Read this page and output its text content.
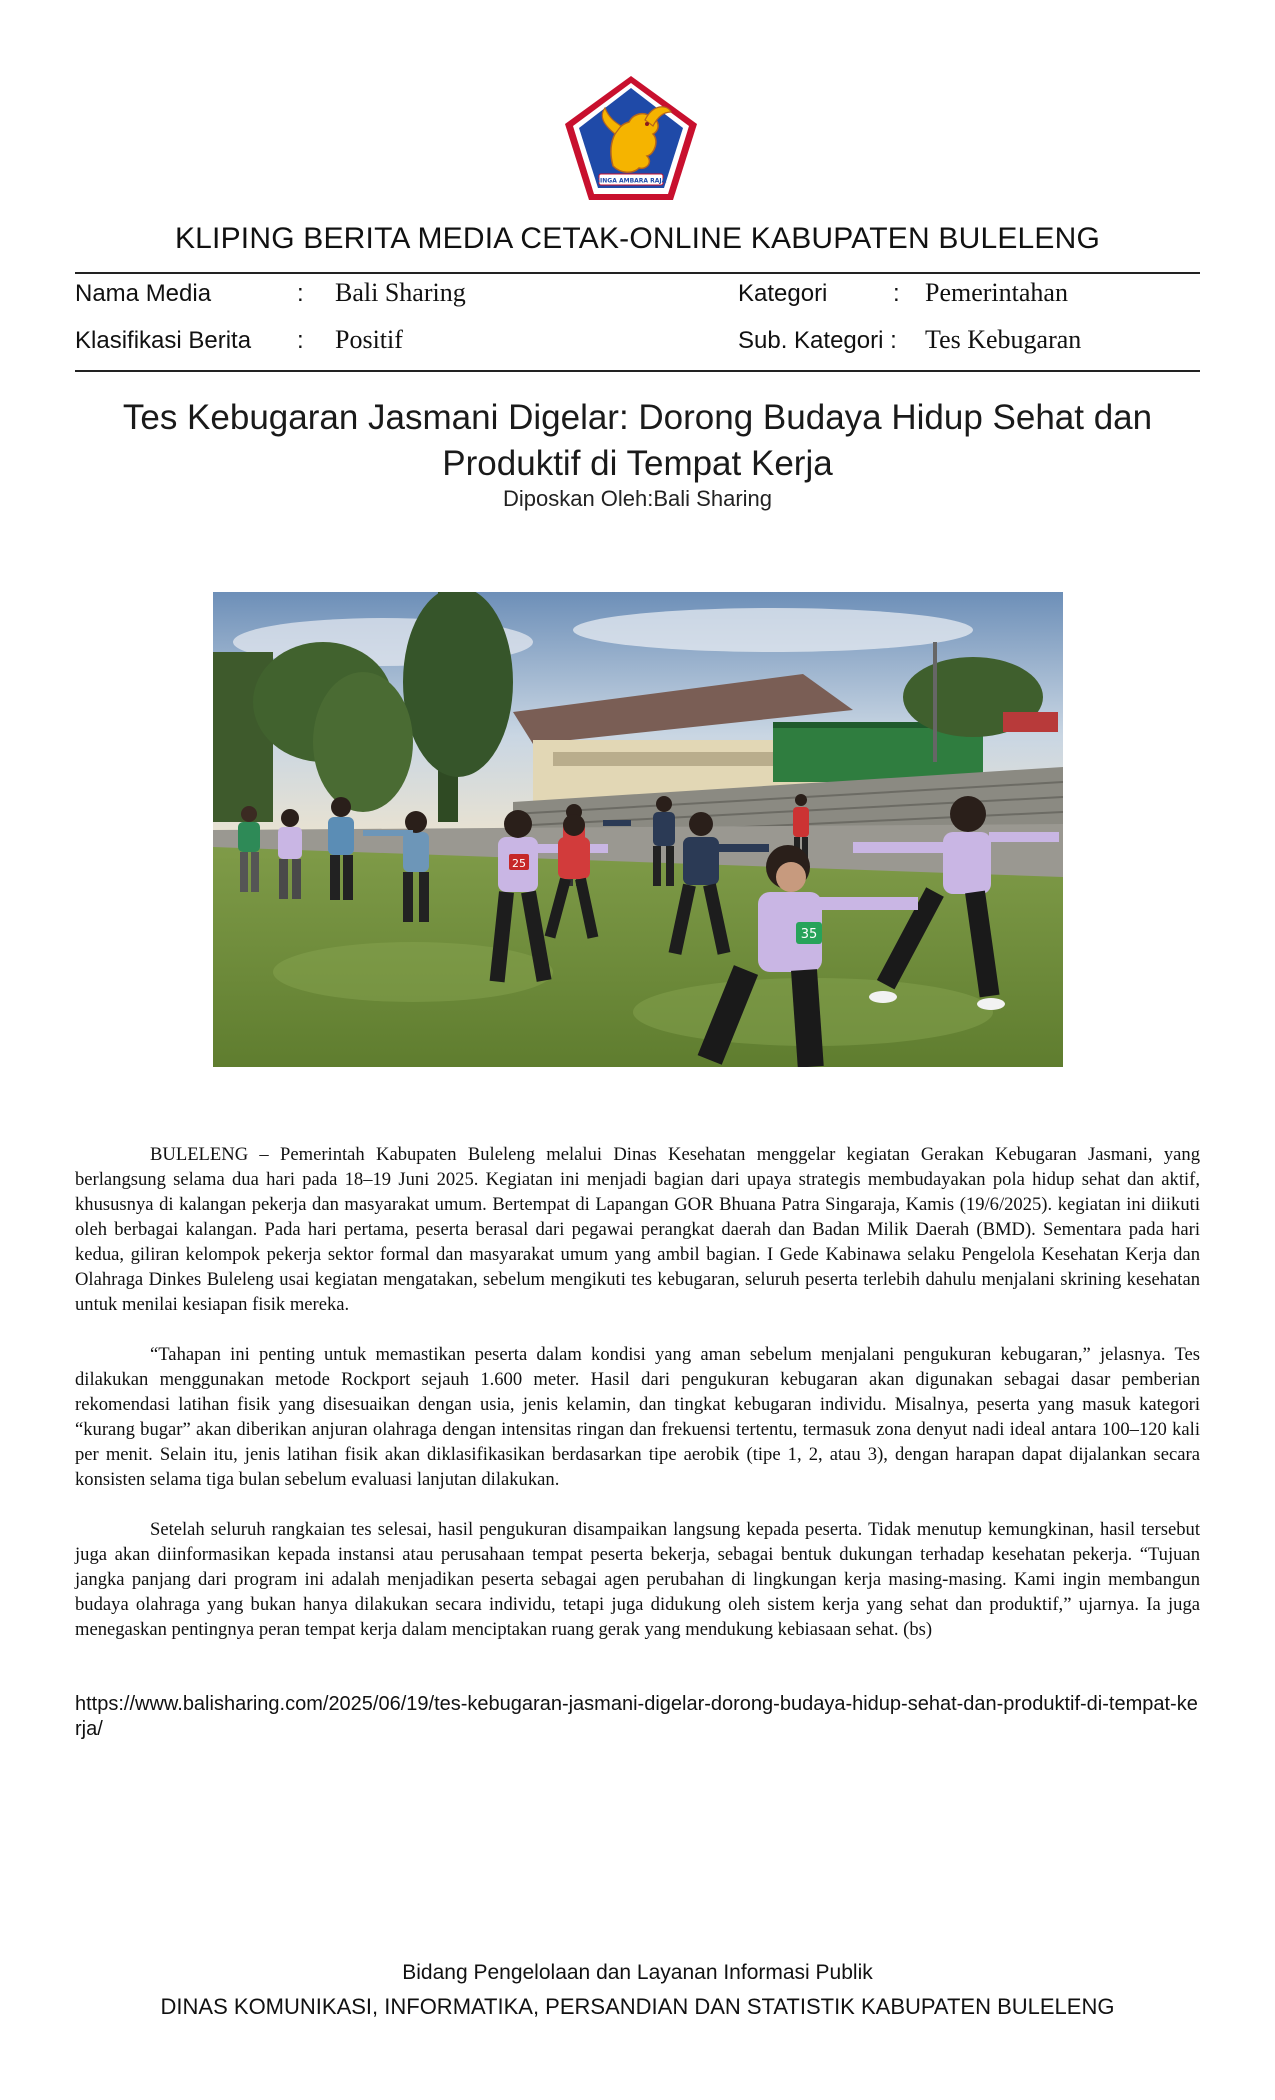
SINGA AMBARA RAJA
KLIPING BERITA MEDIA CETAK-ONLINE KABUPATEN BULELENG
Nama Media	: Bali Sharing	Kategori	: Pemerintahan
Klasifikasi Berita : Positif	Sub. Kategori : Tes Kebugaran
Tes Kebugaran Jasmani Digelar: Dorong Budaya Hidup Sehat dan
Produktif di Tempat Kerja
Diposkan Oleh:Bali Sharing
25
35

BULELENG – Pemerintah Kabupaten Buleleng melalui Dinas Kesehatan menggelar kegiatan Gerakan Kebugaran Jasmani, yang berlangsung selama dua hari pada 18–19 Juni 2025. Kegiatan ini menjadi bagian dari upaya strategis membudayakan pola hidup sehat dan aktif, khususnya di kalangan pekerja dan masyarakat umum. Bertempat di Lapangan GOR Bhuana Patra Singaraja, Kamis (19/6/2025). kegiatan ini diikuti oleh berbagai kalangan. Pada hari pertama, peserta berasal dari pegawai perangkat daerah dan Badan Milik Daerah (BMD). Sementara pada hari kedua, giliran kelompok pekerja sektor formal dan masyarakat umum yang ambil bagian. I Gede Kabinawa selaku Pengelola Kesehatan Kerja dan Olahraga Dinkes Buleleng usai kegiatan mengatakan, sebelum mengikuti tes kebugaran, seluruh peserta terlebih dahulu menjalani skrining kesehatan untuk menilai kesiapan fisik mereka.

“Tahapan ini penting untuk memastikan peserta dalam kondisi yang aman sebelum menjalani pengukuran kebugaran,” jelasnya. Tes dilakukan menggunakan metode Rockport sejauh 1.600 meter. Hasil dari pengukuran kebugaran akan digunakan sebagai dasar pemberian rekomendasi latihan fisik yang disesuaikan dengan usia, jenis kelamin, dan tingkat kebugaran individu. Misalnya, peserta yang masuk kategori “kurang bugar” akan diberikan anjuran olahraga dengan intensitas ringan dan frekuensi tertentu, termasuk zona denyut nadi ideal antara 100–120 kali per menit. Selain itu, jenis latihan fisik akan diklasifikasikan berdasarkan tipe aerobik (tipe 1, 2, atau 3), dengan harapan dapat dijalankan secara konsisten selama tiga bulan sebelum evaluasi lanjutan dilakukan.

Setelah seluruh rangkaian tes selesai, hasil pengukuran disampaikan langsung kepada peserta. Tidak menutup kemungkinan, hasil tersebut juga akan diinformasikan kepada instansi atau perusahaan tempat peserta bekerja, sebagai bentuk dukungan terhadap kesehatan pekerja. “Tujuan jangka panjang dari program ini adalah menjadikan peserta sebagai agen perubahan di lingkungan kerja masing-masing. Kami ingin membangun budaya olahraga yang bukan hanya dilakukan secara individu, tetapi juga didukung oleh sistem kerja yang sehat dan produktif,” ujarnya. Ia juga menegaskan pentingnya peran tempat kerja dalam menciptakan ruang gerak yang mendukung kebiasaan sehat. (bs)

https://www.balisharing.com/2025/06/19/tes-kebugaran-jasmani-digelar-dorong-budaya-hidup-sehat-dan-produktif-di-tempat-kerja/
Bidang Pengelolaan dan Layanan Informasi Publik
DINAS KOMUNIKASI, INFORMATIKA, PERSANDIAN DAN STATISTIK KABUPATEN BULELENG
